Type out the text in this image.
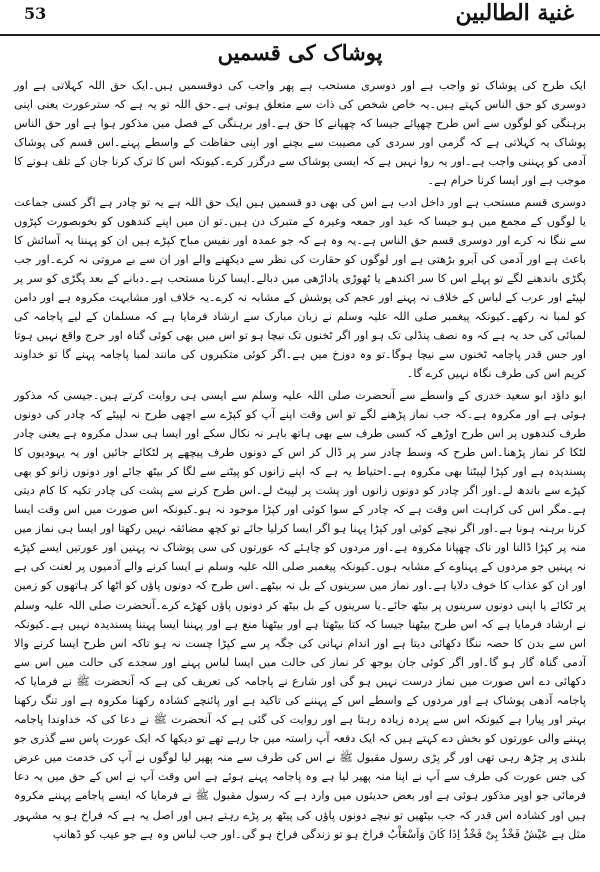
53	غنية الطالبين
پوشاک کی قسمیں

ایک طرح کی پوشاک تو واجب ہے اور دوسری مستحب ہے پھر واجب کی دوقسمیں ہیں۔ایک حق اللہ کہلاتی ہے اور دوسری کو حق الناس کہتے ہیں۔یہ خاص شخص کی ذات سے متعلق ہوتی ہے۔حق اللہ تو یہ ہے کہ سترعورت یعنی اپنی برہنگی کو لوگوں سے اس طرح چھپائے جیسا کہ چھپانے کا حق ہے۔اور برہنگی کے فصل میں مذکور ہوا ہے اور حق الناس پوشاک یہ کہلاتی ہے کہ گرمی اور سردی کی مصیبت سے بچنے اور اپنی حفاظت کے واسطے پہنے۔اس قسم کی پوشاک آدمی کو پہننی واجب ہے۔اور یہ روا نہیں ہے کہ ایسی پوشاک سے درگزر کرے۔کیونکہ اس کا ترک کرنا جان کے تلف ہونے کا موجب ہے اور ایسا کرنا حرام ہے۔

دوسری قسم مستحب ہے اور داخل ادب ہے اس کی بھی دو قسمیں ہیں ایک حق اللہ ہے یہ تو چادر ہے اگر کسی جماعت یا لوگوں کے مجمع میں ہو جیسا کہ عید اور جمعہ وغیرہ کے متبرک دن ہیں۔تو ان میں اپنے کندھوں کو بخوبصورت کپڑوں سے ننگا نہ کرے اور دوسری قسم حق الناس ہے۔یہ وہ ہے کہ جو عمدہ اور نفیس مباح کپڑے ہیں ان کو پہننا یہ آسائش کا باعث ہے اور آدمی کی آبرو بڑھتی ہے اور لوگوں کو حقارت کی نظر سے دیکھنے والے اور ان سے بے مروتی نہ کرے۔اور جب پگڑی باندھنے لگے تو پہلے اس کا سر اکندھے یا ٹھوڑی یاداڑھی میں دبالے۔ایسا کرنا مستحب ہے۔دبانے کے بعد پگڑی کو سر پر لپیٹے اور عرب کے لباس کے خلاف نہ پہنے اور عجم کی پوشش کے مشابہ نہ کرے۔یہ خلاف اور مشابہت مکروہ ہے اور دامن کو لمبا نہ رکھے۔کیونکہ پیغمبر صلی اللہ علیہ وسلم نے زبان مبارک سے ارشاد فرمایا ہے کہ مسلمان کے لیے پاجامہ کی لمبائی کی حد یہ ہے کہ وہ نصف پنڈلی تک ہو اور اگر ٹخنوں تک نیچا ہو تو اس میں بھی کوئی گناہ اور حرج واقع نہیں ہوتا اور جس قدر پاجامہ ٹخنوں سے نیچا ہوگا۔تو وہ دوزخ میں ہے۔اگر کوئی متکبروں کی مانند لمبا پاجامہ پہنے گا تو خداوند کریم اس کی طرف نگاہ نہیں کرے گا۔

ابو داؤد ابو سعید خدری کے واسطے سے آنحضرت صلی اللہ علیہ وسلم سے ایسی ہی روایت کرتے ہیں۔جیسی کہ مذکور ہوئی ہے اور مکروہ ہے۔کہ جب نماز پڑھنے لگے تو اس وقت اپنے آپ کو کپڑے سے اچھی طرح نہ لپیٹے کہ چادر کی دونوں طرف کندھوں پر اس طرح اوڑھے کہ کسی طرف سے بھی ہاتھ باہر نہ نکال سکے اور ایسا ہی سدل مکروہ ہے یعنی چادر لٹکا کر نماز پڑھنا۔اس طرح کہ وسط چادر سر پر ڈال کر اس کے دونوں طرف پیچھے پر لٹکائے جائیں اور یہ یہودیوں کا پسندیدہ ہے اور کپڑا لپیٹنا بھی مکروہ ہے۔احتیاط یہ ہے کہ اپنے زانوں کو پیٹنے سے لگا کر بیٹھ جائے اور دونوں زانو کو بھی کپڑے سے باندھ لے۔اور اگر چادر کو دونوں زانوں اور پشت پر لپیٹ لے۔اس طرح کرنے سے پشت کی چادر تکیہ کا کام دیتی ہے۔مگر اس کی کراہت اس وقت ہے کہ چادر کے سوا کوئی اور کپڑا موجود نہ ہو۔کیونکہ اس صورت میں اس وقت ایسا کرنا برہنہ ہونا ہے۔اور اگر نیچے کوئی اور کپڑا پہنا ہو اگر ایسا کرلیا جائے تو کچھ مضائقہ نہیں رکھتا اور ایسا ہی نماز میں منہ پر کپڑا ڈالنا اور ناک چھپانا مکروہ ہے۔اور مردوں کو چاہئے کہ عورتوں کی سی پوشاک نہ پہنیں اور عورتیں ایسے کپڑے نہ پہنیں جو مردوں کے پہناوے کے مشابہ ہوں۔کیونکہ پیغمبر صلی اللہ علیہ وسلم نے ایسا کرنے والے آدمیوں پر لعنت کی ہے اور ان کو عذاب کا خوف دلایا ہے۔اور نماز میں سرینوں کے بل نہ بیٹھے۔اس طرح کہ دونوں پاؤں کو اٹھا کر ہاتھوں کو زمین پر ٹکائے یا اپنی دونوں سرینوں پر بیٹھ جائے۔یا سرینوں کے بل بیٹھ کر دونوں پاؤں کھڑے کرے۔آنحضرت صلی اللہ علیہ وسلم نے ارشاد فرمایا ہے کہ اس طرح بیٹھنا جیسا کہ کتا بیٹھتا ہے اور بیٹھنا منع ہے اور پہننا ایسا پہننا پسندیدہ نہیں ہے۔کیونکہ اس سے بدن کا حصہ ننگا دکھائی دیتا ہے اور اندام نہانی کی جگہ پر سے کپڑا چست نہ ہو تاکہ اس طرح ایسا کرنے والا آدمی گناہ گار ہو گا۔اور اگر کوئی جان بوجھ کر نماز کی حالت میں ایسا لباس پہنے اور سجدے کی حالت میں اس سے دکھائی دے اس صورت میں نماز درست نہیں ہو گی اور شارع نے پاجامہ کی تعریف کی ہے کہ آنحضرت ﷺ نے فرمایا کہ پاجامہ آدھی پوشاک ہے اور مردوں کے واسطے اس کے پہننے کی تاکید ہے اور پائنچے کشادہ رکھنا مکروہ ہے اور تنگ رکھنا بہتر اور پیارا ہے کیونکہ اس سے پردہ زیادہ رہتا ہے اور روایت کی گئی ہے کہ آنحضرت ﷺ نے دعا کی کہ خداوندا پاجامہ پہننے والی عورتوں کو بخش دے کہتے ہیں کہ ایک دفعہ آپ راستہ میں جا رہے تھے تو دیکھا کہ ایک عورت پاس سے گذری جو بلندی پر چڑھ رہی تھی اور گر پڑی رسول مقبول ﷺ نے اس کی طرف سے منہ پھیر لیا لوگوں نے آپ کی خدمت میں عرض کی جس عورت کی طرف سے آپ نے اپنا منہ پھیر لیا ہے وہ پاجامہ پہنے ہوئے ہے اس وقت آپ نے اس کے حق میں یہ دعا فرمائی جو اوپر مذکور ہوئی ہے اور بعض حدیثوں میں وارد ہے کہ رسول مقبول ﷺ نے فرمایا کہ ایسے پاجامے پہننے مکروہ ہیں اور کشادہ اس قدر کہ جب بیٹھیں تو نیچے دونوں پاؤں کی پیٹھ پر پڑے رہتے ہیں اور اصل یہ ہے کہ فراخ ہو یہ مشہور مثل ہے عَیْشُ فَخْذُ بِیْ فَخْذُ اِذَا کَانَ وَاَسْعَاْبُ فراخ ہو تو زندگی فراخ ہو گی۔اور جب لباس وہ ہے جو عیب کو ڈھانپ
